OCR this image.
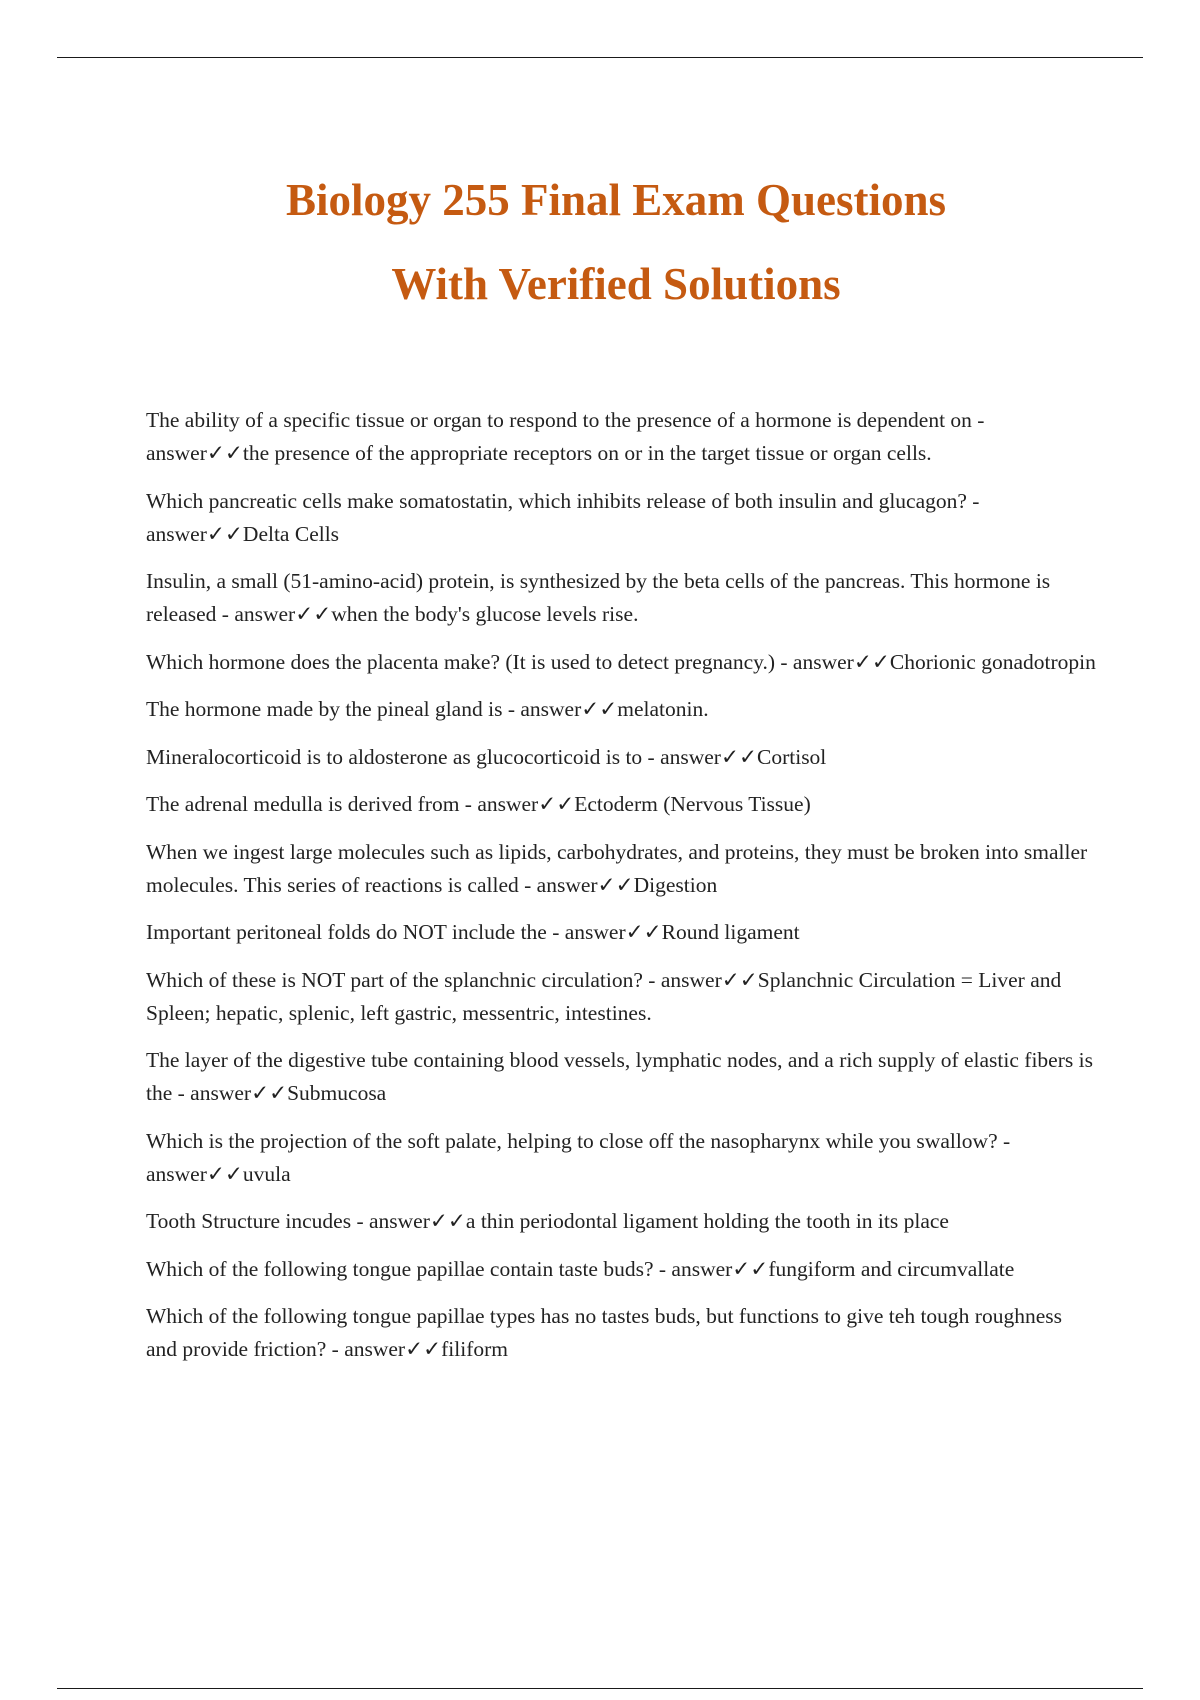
Biology 255 Final Exam Questions
With Verified Solutions

The ability of a specific tissue or organ to respond to the presence of a hormone is dependent on - answer✓✓the presence of the appropriate receptors on or in the target tissue or organ cells.

Which pancreatic cells make somatostatin, which inhibits release of both insulin and glucagon? - answer✓✓Delta Cells

Insulin, a small (51-amino-acid) protein, is synthesized by the beta cells of the pancreas. This hormone is released - answer✓✓when the body's glucose levels rise.

Which hormone does the placenta make? (It is used to detect pregnancy.) - answer✓✓Chorionic gonadotropin

The hormone made by the pineal gland is - answer✓✓melatonin.

Mineralocorticoid is to aldosterone as glucocorticoid is to - answer✓✓Cortisol

The adrenal medulla is derived from - answer✓✓Ectoderm (Nervous Tissue)

When we ingest large molecules such as lipids, carbohydrates, and proteins, they must be broken into smaller molecules. This series of reactions is called - answer✓✓Digestion

Important peritoneal folds do NOT include the - answer✓✓Round ligament

Which of these is NOT part of the splanchnic circulation? - answer✓✓Splanchnic Circulation = Liver and Spleen; hepatic, splenic, left gastric, messentric, intestines.

The layer of the digestive tube containing blood vessels, lymphatic nodes, and a rich supply of elastic fibers is the - answer✓✓Submucosa

Which is the projection of the soft palate, helping to close off the nasopharynx while you swallow? - answer✓✓uvula

Tooth Structure incudes - answer✓✓a thin periodontal ligament holding the tooth in its place

Which of the following tongue papillae contain taste buds? - answer✓✓fungiform and circumvallate

Which of the following tongue papillae types has no tastes buds, but functions to give teh tough roughness and provide friction? - answer✓✓filiform
